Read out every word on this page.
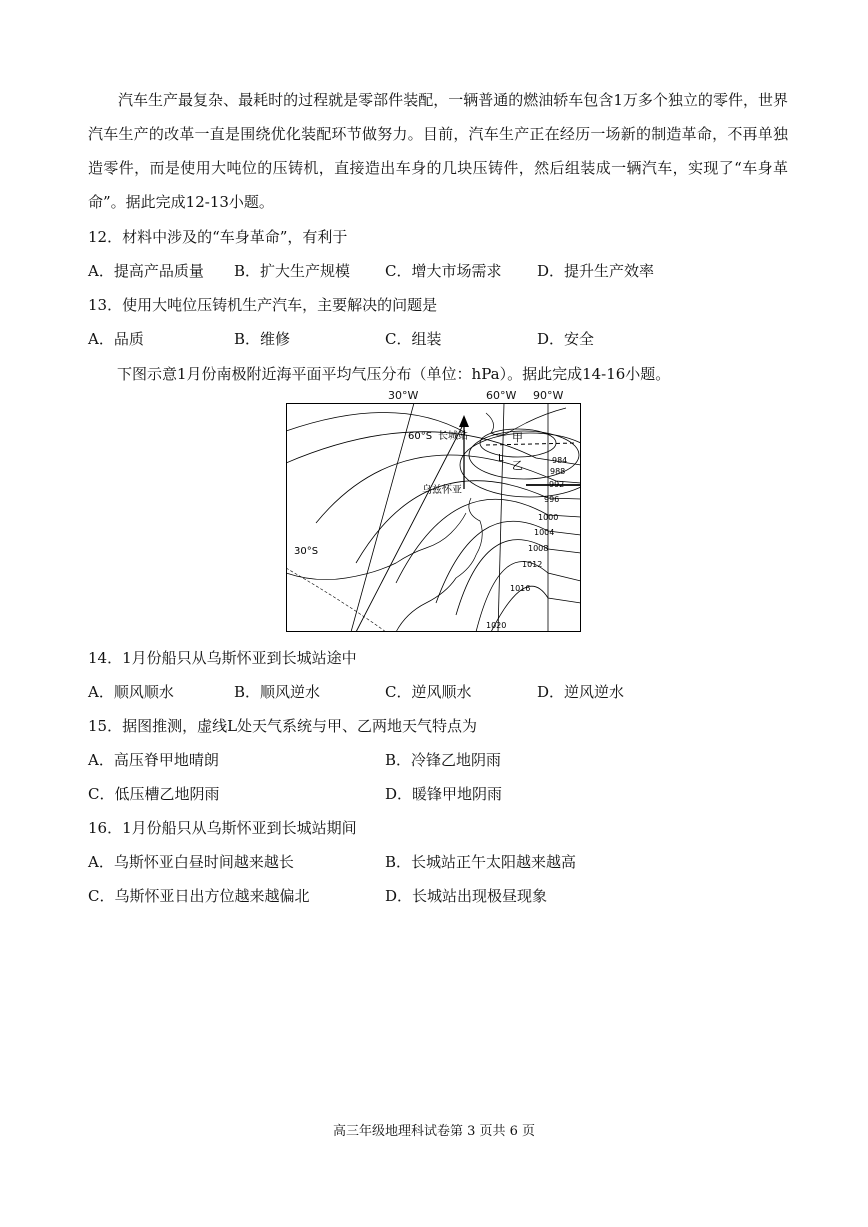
汽车生产最复杂、最耗时的过程就是零部件装配，一辆普通的燃油轿车包含1万多个独立的零件，世界汽车生产的改革一直是围绕优化装配环节做努力。目前，汽车生产正在经历一场新的制造革命，不再单独造零件，而是使用大吨位的压铸机，直接造出车身的几块压铸件，然后组装成一辆汽车，实现了“车身革命”。据此完成12-13小题。
12．材料中涉及的“车身革命”，有利于
A．提高产品质量 B．扩大生产规模 C．增大市场需求 D．提升生产效率
13．使用大吨位压铸机生产汽车，主要解决的问题是
A．品质	B．维修	C．组装	D．安全
下图示意1月份南极附近海平面平均气压分布（单位：hPa）。据此完成14-16小题。
60°S
30°S
长城站
乌兹怀亚
甲
乙
L	984
988
992
996
1000
1004
1008
1012
1016
1020
30°W	60°W 90°W
14．1月份船只从乌斯怀亚到长城站途中
A．顺风顺水	B．顺风逆水	C．逆风顺水	D．逆风逆水
15．据图推测，虚线L处天气系统与甲、乙两地天气特点为
A．高压脊甲地晴朗	B．冷锋乙地阴雨
C．低压槽乙地阴雨	D．暖锋甲地阴雨
16．1月份船只从乌斯怀亚到长城站期间
A．乌斯怀亚白昼时间越来越长	B．长城站正午太阳越来越高
C．乌斯怀亚日出方位越来越偏北	D．长城站出现极昼现象
高三年级地理科试卷第 3 页共 6 页
